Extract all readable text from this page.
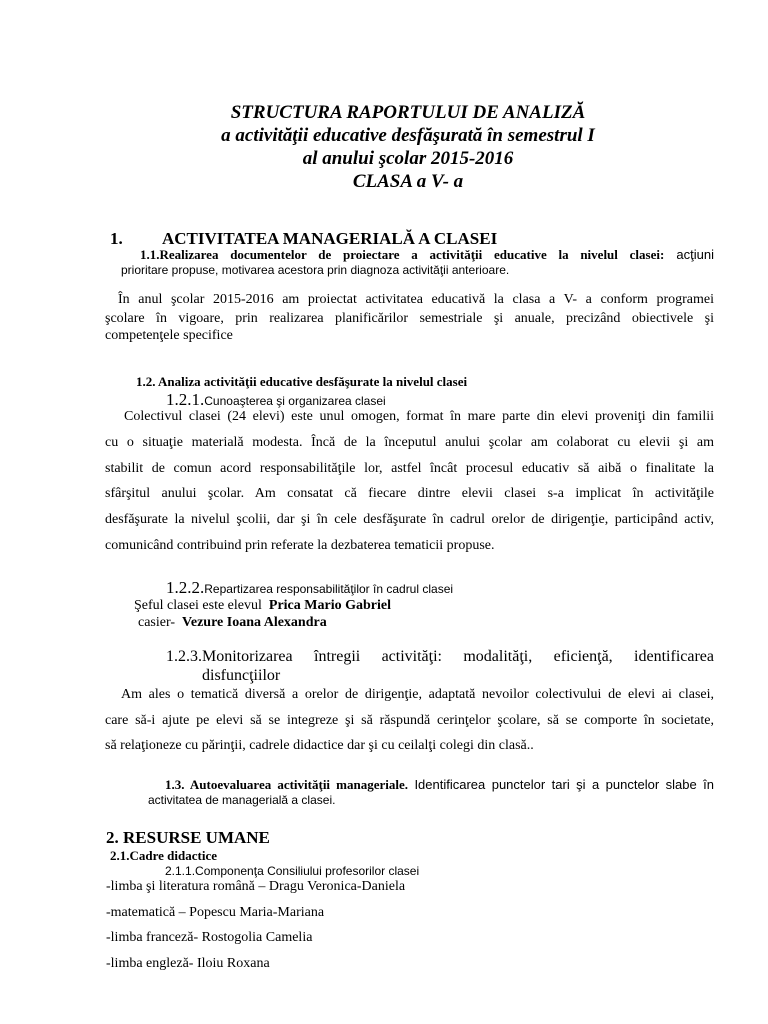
STRUCTURA RAPORTULUI DE ANALIZĂ
a activităţii educative desfăşurată în semestrul I
al anului şcolar 2015-2016
CLASA a V- a
1. ACTIVITATEA MANAGERIALĂ A CLASEI
1.1.Realizarea documentelor de proiectare a activităţii educative la nivelul clasei: acţiuni
prioritare propuse, motivarea acestora prin diagnoza activităţii anterioare.
În anul şcolar 2015-2016 am proiectat activitatea educativă la clasa a V- a conform programei
şcolare în vigoare, prin realizarea planificărilor semestriale şi anuale, precizând obiectivele şi
competenţele specifice
1.2. Analiza activităţii educative desfăşurate la nivelul clasei
1.2.1.Cunoaşterea şi organizarea clasei
Colectivul clasei (24 elevi) este unul omogen, format în mare parte din elevi proveniţi din familii
cu o situaţie materială modesta. Încă de la începutul anului şcolar am colaborat cu elevii şi am
stabilit de comun acord responsabilităţile lor, astfel încât procesul educativ să aibă o finalitate la
sfârşitul anului şcolar. Am consatat că fiecare dintre elevii clasei s-a implicat în activităţile
desfăşurate la nivelul şcolii, dar şi în cele desfăşurate în cadrul orelor de dirigenţie, participând activ,
comunicând contribuind prin referate la dezbaterea tematicii propuse.
1.2.2.Repartizarea responsabilităţilor în cadrul clasei
Şeful clasei este elevul Prica Mario Gabriel
casier- Vezure Ioana Alexandra
1.2.3.Monitorizarea întregii activităţi: modalităţi, eficienţă, identificarea
disfuncţiilor
Am ales o tematică diversă a orelor de dirigenţie, adaptată nevoilor colectivului de elevi ai clasei,
care să-i ajute pe elevi să se integreze şi să răspundă cerinţelor şcolare, să se comporte în societate,
să relaţioneze cu părinţii, cadrele didactice dar şi cu ceilalţi colegi din clasă..
1.3. Autoevaluarea activităţii manageriale. Identificarea punctelor tari şi a punctelor slabe în
activitatea de managerială a clasei.
2. RESURSE UMANE
2.1.Cadre didactice
2.1.1.Componenţa Consiliului profesorilor clasei
-limba şi literatura română – Dragu Veronica-Daniela
-matematică – Popescu Maria-Mariana
-limba franceză- Rostogolia Camelia
-limba engleză- Iloiu Roxana
